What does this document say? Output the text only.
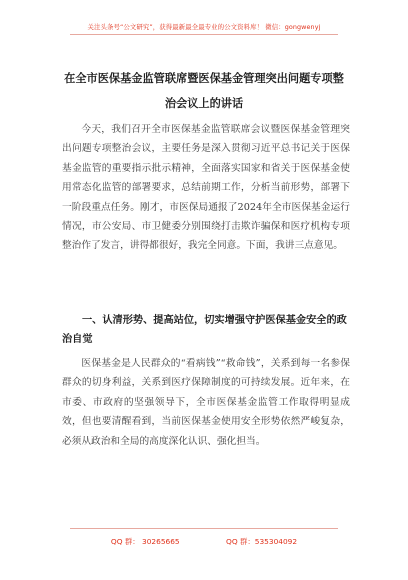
关注头条号“公文研究”，获得最新最全最专业的公文资料库！ 微信：gongwenyj
在全市医保基金监管联席暨医保基金管理突出问题专项整治会议上的讲话
今天，我们召开全市医保基金监管联席会议暨医保基金管理突出问题专项整治会议，主要任务是深入贯彻习近平总书记关于医保基金监管的重要指示批示精神，全面落实国家和省关于医保基金使用常态化监管的部署要求，总结前期工作，分析当前形势，部署下一阶段重点任务。刚才，市医保局通报了2024年全市医保基金运行情况，市公安局、市卫健委分别围绕打击欺诈骗保和医疗机构专项整治作了发言，讲得都很好，我完全同意。下面，我讲三点意见。
一、认清形势、提高站位，切实增强守护医保基金安全的政治自觉
医保基金是人民群众的“看病钱”“救命钱”，关系到每一名参保群众的切身利益，关系到医疗保障制度的可持续发展。近年来，在市委、市政府的坚强领导下，全市医保基金监管工作取得明显成效，但也要清醒看到，当前医保基金使用安全形势依然严峻复杂，必须从政治和全局的高度深化认识、强化担当。
QQ 群： 30265665	QQ 群：535304092
